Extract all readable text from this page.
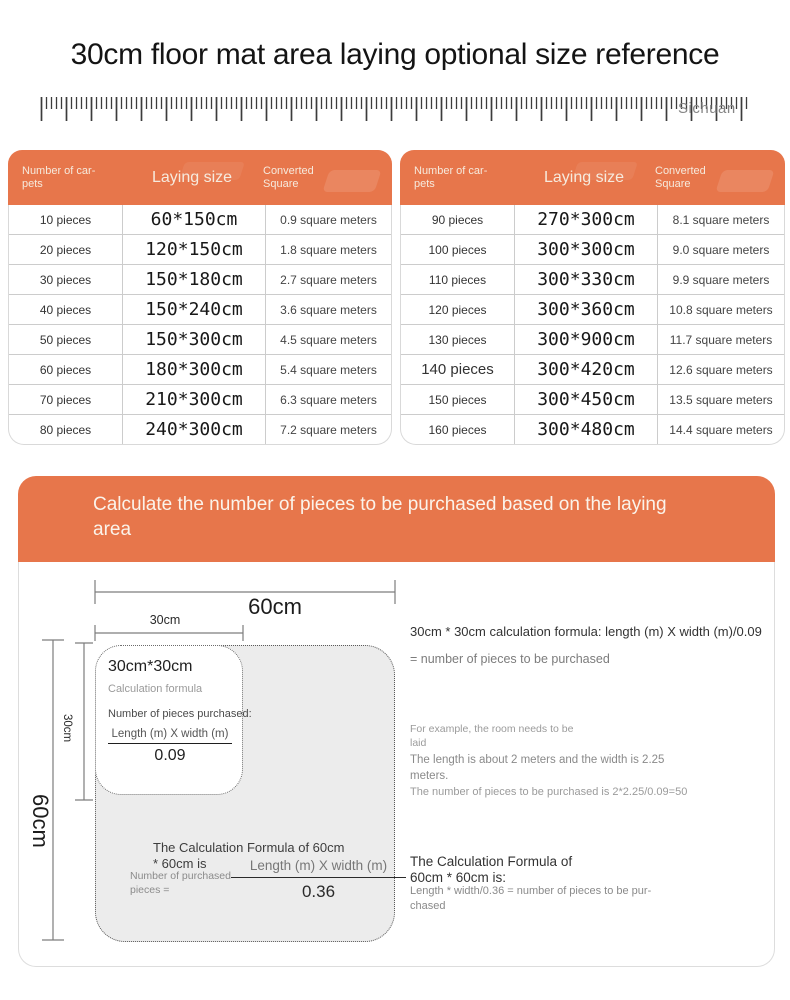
30cm floor mat area laying optional size reference
Sichuan
Number of car-pets	Laying size	Converted Square
10 pieces	60*150cm	0.9 square meters
20 pieces	120*150cm	1.8 square meters
30 pieces	150*180cm	2.7 square meters
40 pieces	150*240cm	3.6 square meters
50 pieces	150*300cm	4.5 square meters
60 pieces	180*300cm	5.4 square meters
70 pieces	210*300cm	6.3 square meters
80 pieces	240*300cm	7.2 square meters
Number of car-pets	Laying size	Converted Square
90 pieces	270*300cm	8.1 square meters
100 pieces	300*300cm	9.0 square meters
110 pieces	300*330cm	9.9 square meters
120 pieces	300*360cm	10.8 square meters
130 pieces	300*900cm	11.7 square meters
140 pieces	300*420cm	12.6 square meters
150 pieces	300*450cm	13.5 square meters
160 pieces	300*480cm	14.4 square meters
Calculate the number of pieces to be purchased based on the laying area
30cm*30cm
Calculation formula
Number of pieces purchased:
Length (m) X width (m)
0.09
The Calculation Formula of 60cm * 60cm is
Number of purchased pieces =
Length (m) X width (m)
0.36
60cm
30cm
60cm
30cm
30cm * 30cm calculation formula: length (m) X width (m)/0.09
= number of pieces to be purchased
For example, the room needs to be laid
The length is about 2 meters and the width is 2.25 meters.
The number of pieces to be purchased is 2*2.25/0.09=50
The Calculation Formula of 60cm * 60cm is:
Length * width/0.36 = number of pieces to be pur-chased
